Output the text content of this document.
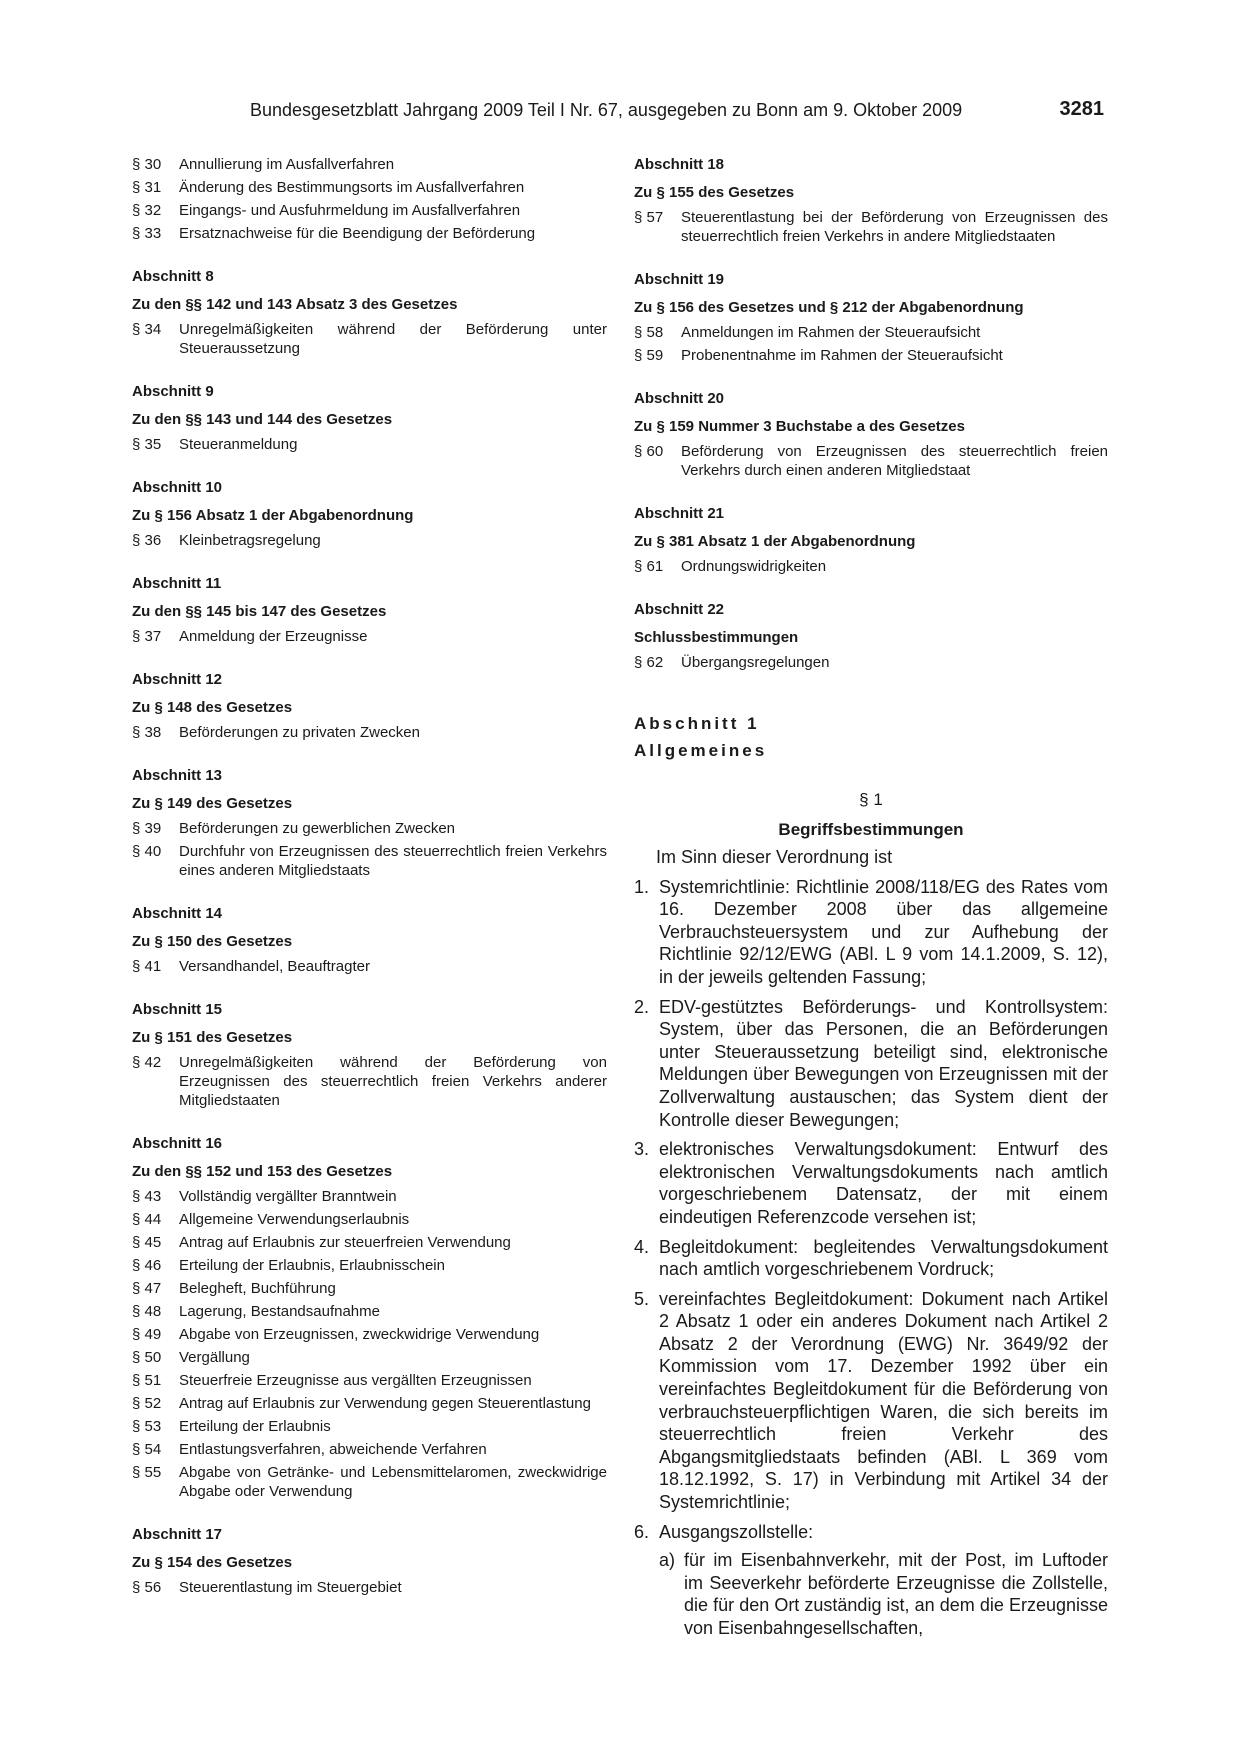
Bundesgesetzblatt Jahrgang 2009 Teil I Nr. 67, ausgegeben zu Bonn am 9. Oktober 2009	3281
§ 30	Annullierung im Ausfallverfahren
§ 31	Änderung des Bestimmungsorts im Ausfallverfahren
§ 32	Eingangs- und Ausfuhrmeldung im Ausfallverfahren
§ 33	Ersatznachweise für die Beendigung der Beförderung
Abschnitt 8
Zu den §§ 142 und 143 Absatz 3 des Gesetzes
§ 34	Unregelmäßigkeiten während der Beförderung unter Steueraussetzung
Abschnitt 9
Zu den §§ 143 und 144 des Gesetzes
§ 35	Steueranmeldung
Abschnitt 10
Zu § 156 Absatz 1 der Abgabenordnung
§ 36	Kleinbetragsregelung
Abschnitt 11
Zu den §§ 145 bis 147 des Gesetzes
§ 37	Anmeldung der Erzeugnisse
Abschnitt 12
Zu § 148 des Gesetzes
§ 38	Beförderungen zu privaten Zwecken
Abschnitt 13
Zu § 149 des Gesetzes
§ 39	Beförderungen zu gewerblichen Zwecken
§ 40	Durchfuhr von Erzeugnissen des steuerrechtlich freien Verkehrs eines anderen Mitgliedstaats
Abschnitt 14
Zu § 150 des Gesetzes
§ 41	Versandhandel, Beauftragter
Abschnitt 15
Zu § 151 des Gesetzes
§ 42	Unregelmäßigkeiten während der Beförderung von Erzeugnissen des steuerrechtlich freien Verkehrs anderer Mitgliedstaaten
Abschnitt 16
Zu den §§ 152 und 153 des Gesetzes
§ 43	Vollständig vergällter Branntwein
§ 44	Allgemeine Verwendungserlaubnis
§ 45	Antrag auf Erlaubnis zur steuerfreien Verwendung
§ 46	Erteilung der Erlaubnis, Erlaubnisschein
§ 47	Belegheft, Buchführung
§ 48	Lagerung, Bestandsaufnahme
§ 49	Abgabe von Erzeugnissen, zweckwidrige Verwendung
§ 50	Vergällung
§ 51	Steuerfreie Erzeugnisse aus vergällten Erzeugnissen
§ 52	Antrag auf Erlaubnis zur Verwendung gegen Steuerentlastung
§ 53	Erteilung der Erlaubnis
§ 54	Entlastungsverfahren, abweichende Verfahren
§ 55	Abgabe von Getränke- und Lebensmittelaromen, zweckwidrige Abgabe oder Verwendung
Abschnitt 17
Zu § 154 des Gesetzes
§ 56	Steuerentlastung im Steuergebiet
Abschnitt 18
Zu § 155 des Gesetzes
§ 57	Steuerentlastung bei der Beförderung von Erzeugnissen des steuerrechtlich freien Verkehrs in andere Mitgliedstaaten
Abschnitt 19
Zu § 156 des Gesetzes und § 212 der Abgabenordnung
§ 58	Anmeldungen im Rahmen der Steueraufsicht
§ 59	Probenentnahme im Rahmen der Steueraufsicht
Abschnitt 20
Zu § 159 Nummer 3 Buchstabe a des Gesetzes
§ 60	Beförderung von Erzeugnissen des steuerrechtlich freien Verkehrs durch einen anderen Mitgliedstaat
Abschnitt 21
Zu § 381 Absatz 1 der Abgabenordnung
§ 61	Ordnungswidrigkeiten
Abschnitt 22
Schlussbestimmungen
§ 62	Übergangsregelungen
Abschnitt 1
Allgemeines
§ 1
Begriffsbestimmungen
Im Sinn dieser Verordnung ist
1. Systemrichtlinie: Richtlinie 2008/118/EG des Rates vom 16. Dezember 2008 über das allgemeine Verbrauchsteuersystem und zur Aufhebung der Richtlinie 92/12/EWG (ABl. L 9 vom 14.1.2009, S. 12), in der jeweils geltenden Fassung;
2. EDV-gestütztes Beförderungs- und Kontrollsystem: System, über das Personen, die an Beförderungen unter Steueraussetzung beteiligt sind, elektronische Meldungen über Bewegungen von Erzeugnissen mit der Zollverwaltung austauschen; das System dient der Kontrolle dieser Bewegungen;
3. elektronisches Verwaltungsdokument: Entwurf des elektronischen Verwaltungsdokuments nach amtlich vorgeschriebenem Datensatz, der mit einem eindeutigen Referenzcode versehen ist;
4. Begleitdokument: begleitendes Verwaltungsdokument nach amtlich vorgeschriebenem Vordruck;
5. vereinfachtes Begleitdokument: Dokument nach Artikel 2 Absatz 1 oder ein anderes Dokument nach Artikel 2 Absatz 2 der Verordnung (EWG) Nr. 3649/92 der Kommission vom 17. Dezember 1992 über ein vereinfachtes Begleitdokument für die Beförderung von verbrauchsteuerpflichtigen Waren, die sich bereits im steuerrechtlich freien Verkehr des Abgangsmitgliedstaats befinden (ABl. L 369 vom 18.12.1992, S. 17) in Verbindung mit Artikel 34 der Systemrichtlinie;
6. Ausgangszollstelle:
a) für im Eisenbahnverkehr, mit der Post, im Luftoder im Seeverkehr beförderte Erzeugnisse die Zollstelle, die für den Ort zuständig ist, an dem die Erzeugnisse von Eisenbahngesellschaften,
